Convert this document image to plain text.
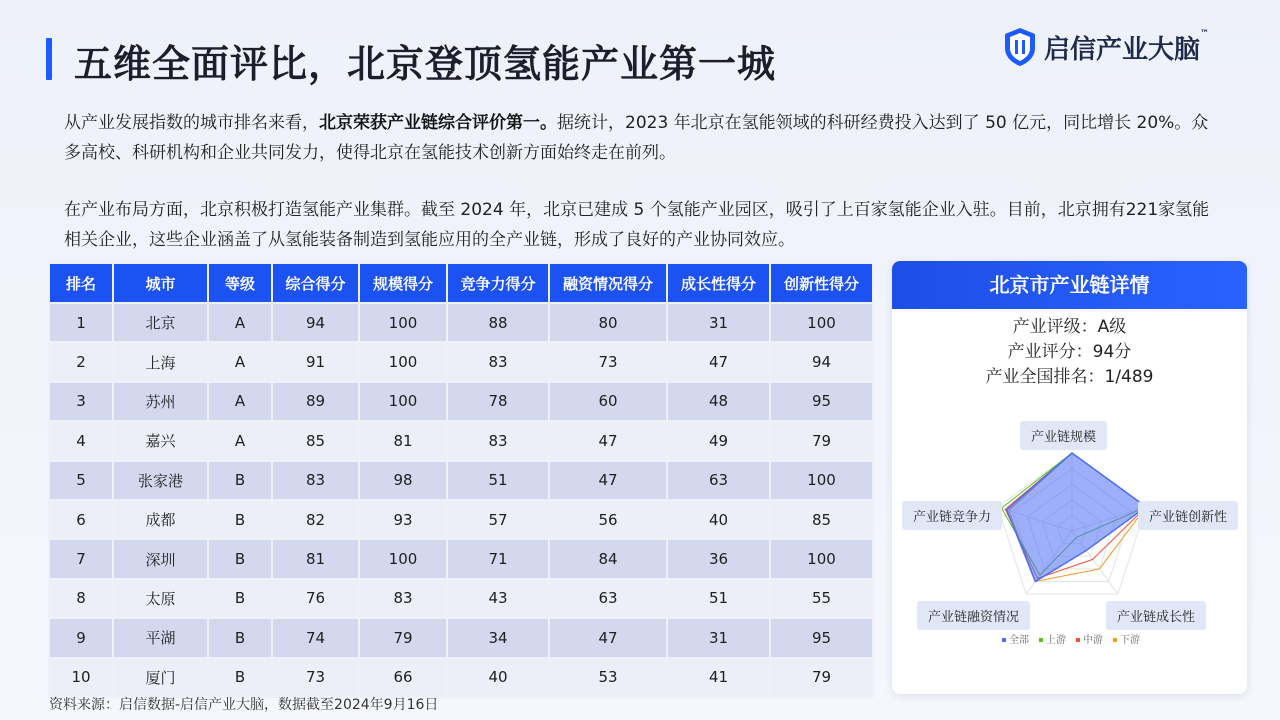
五维全面评比，北京登顶氢能产业第一城	启信产业大脑™
从产业发展指数的城市排名来看，北京荣获产业链综合评价第一。据统计，2023 年北京在氢能领域的科研经费投入达到了 50 亿元，同比增长 20%。众多高校、科研机构和企业共同发力，使得北京在氢能技术创新方面始终走在前列。
在产业布局方面，北京积极打造氢能产业集群。截至 2024 年，北京已建成 5 个氢能产业园区，吸引了上百家氢能企业入驻。目前，北京拥有221家氢能相关企业，这些企业涵盖了从氢能装备制造到氢能应用的全产业链，形成了良好的产业协同效应。
排名	城市	等级	综合得分	规模得分	竞争力得分	融资情况得分	成长性得分	创新性得分
1	北京	A	94	100	88	80	31	100
2	上海	A	91	100	83	73	47	94
3	苏州	A	89	100	78	60	48	95
4	嘉兴	A	85	81	83	47	49	79
5	张家港	B	83	98	51	47	63	100
6	成都	B	82	93	57	56	40	85
7	深圳	B	81	100	71	84	36	100
8	太原	B	76	83	43	63	51	55
9	平湖	B	74	79	34	47	31	95
10	厦门	B	73	66	40	53	41	79
资料来源：启信数据-启信产业大脑，数据截至2024年9月16日
北京市产业链详情
产业评级：A级
产业评分：94分
产业全国排名：1/489
产业链规模
产业链创新性
产业链成长性
产业链融资情况
产业链竞争力
全部	上游	中游	下游
